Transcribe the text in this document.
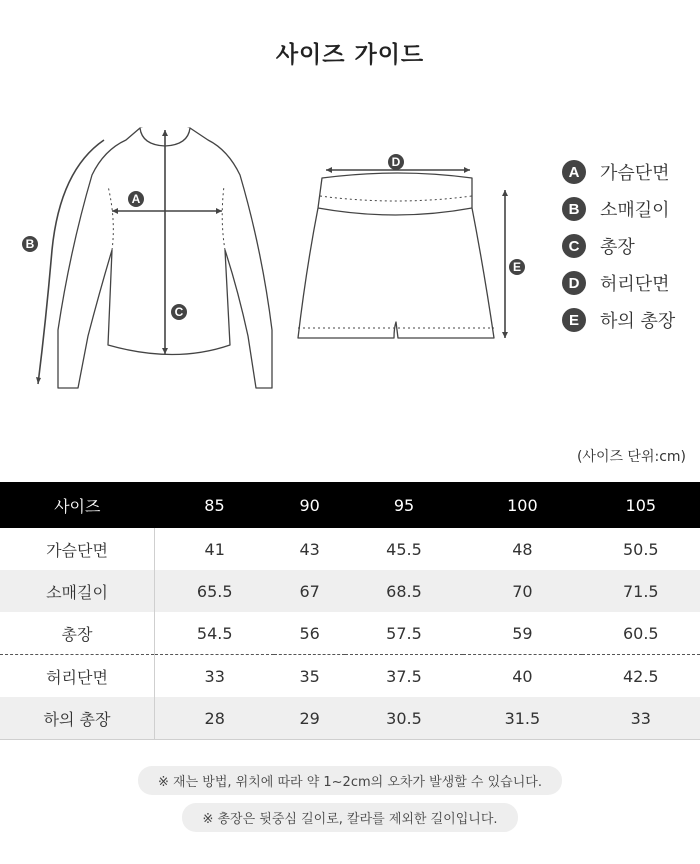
사이즈 가이드
A
B
C
D
E
A	가슴단면
B	소매길이
C	총장
D	허리단면
E	하의 총장
(사이즈 단위:cm)
사이즈	85	90	95	100	105
가슴단면	41	43	45.5	48	50.5
소매길이	65.5	67	68.5	70	71.5
총장	54.5	56	57.5	59	60.5
허리단면	33	35	37.5	40	42.5
하의 총장	28	29	30.5	31.5	33
※ 재는 방법, 위치에 따라 약 1~2cm의 오차가 발생할 수 있습니다.
※ 총장은 뒷중심 길이로, 칼라를 제외한 길이입니다.
